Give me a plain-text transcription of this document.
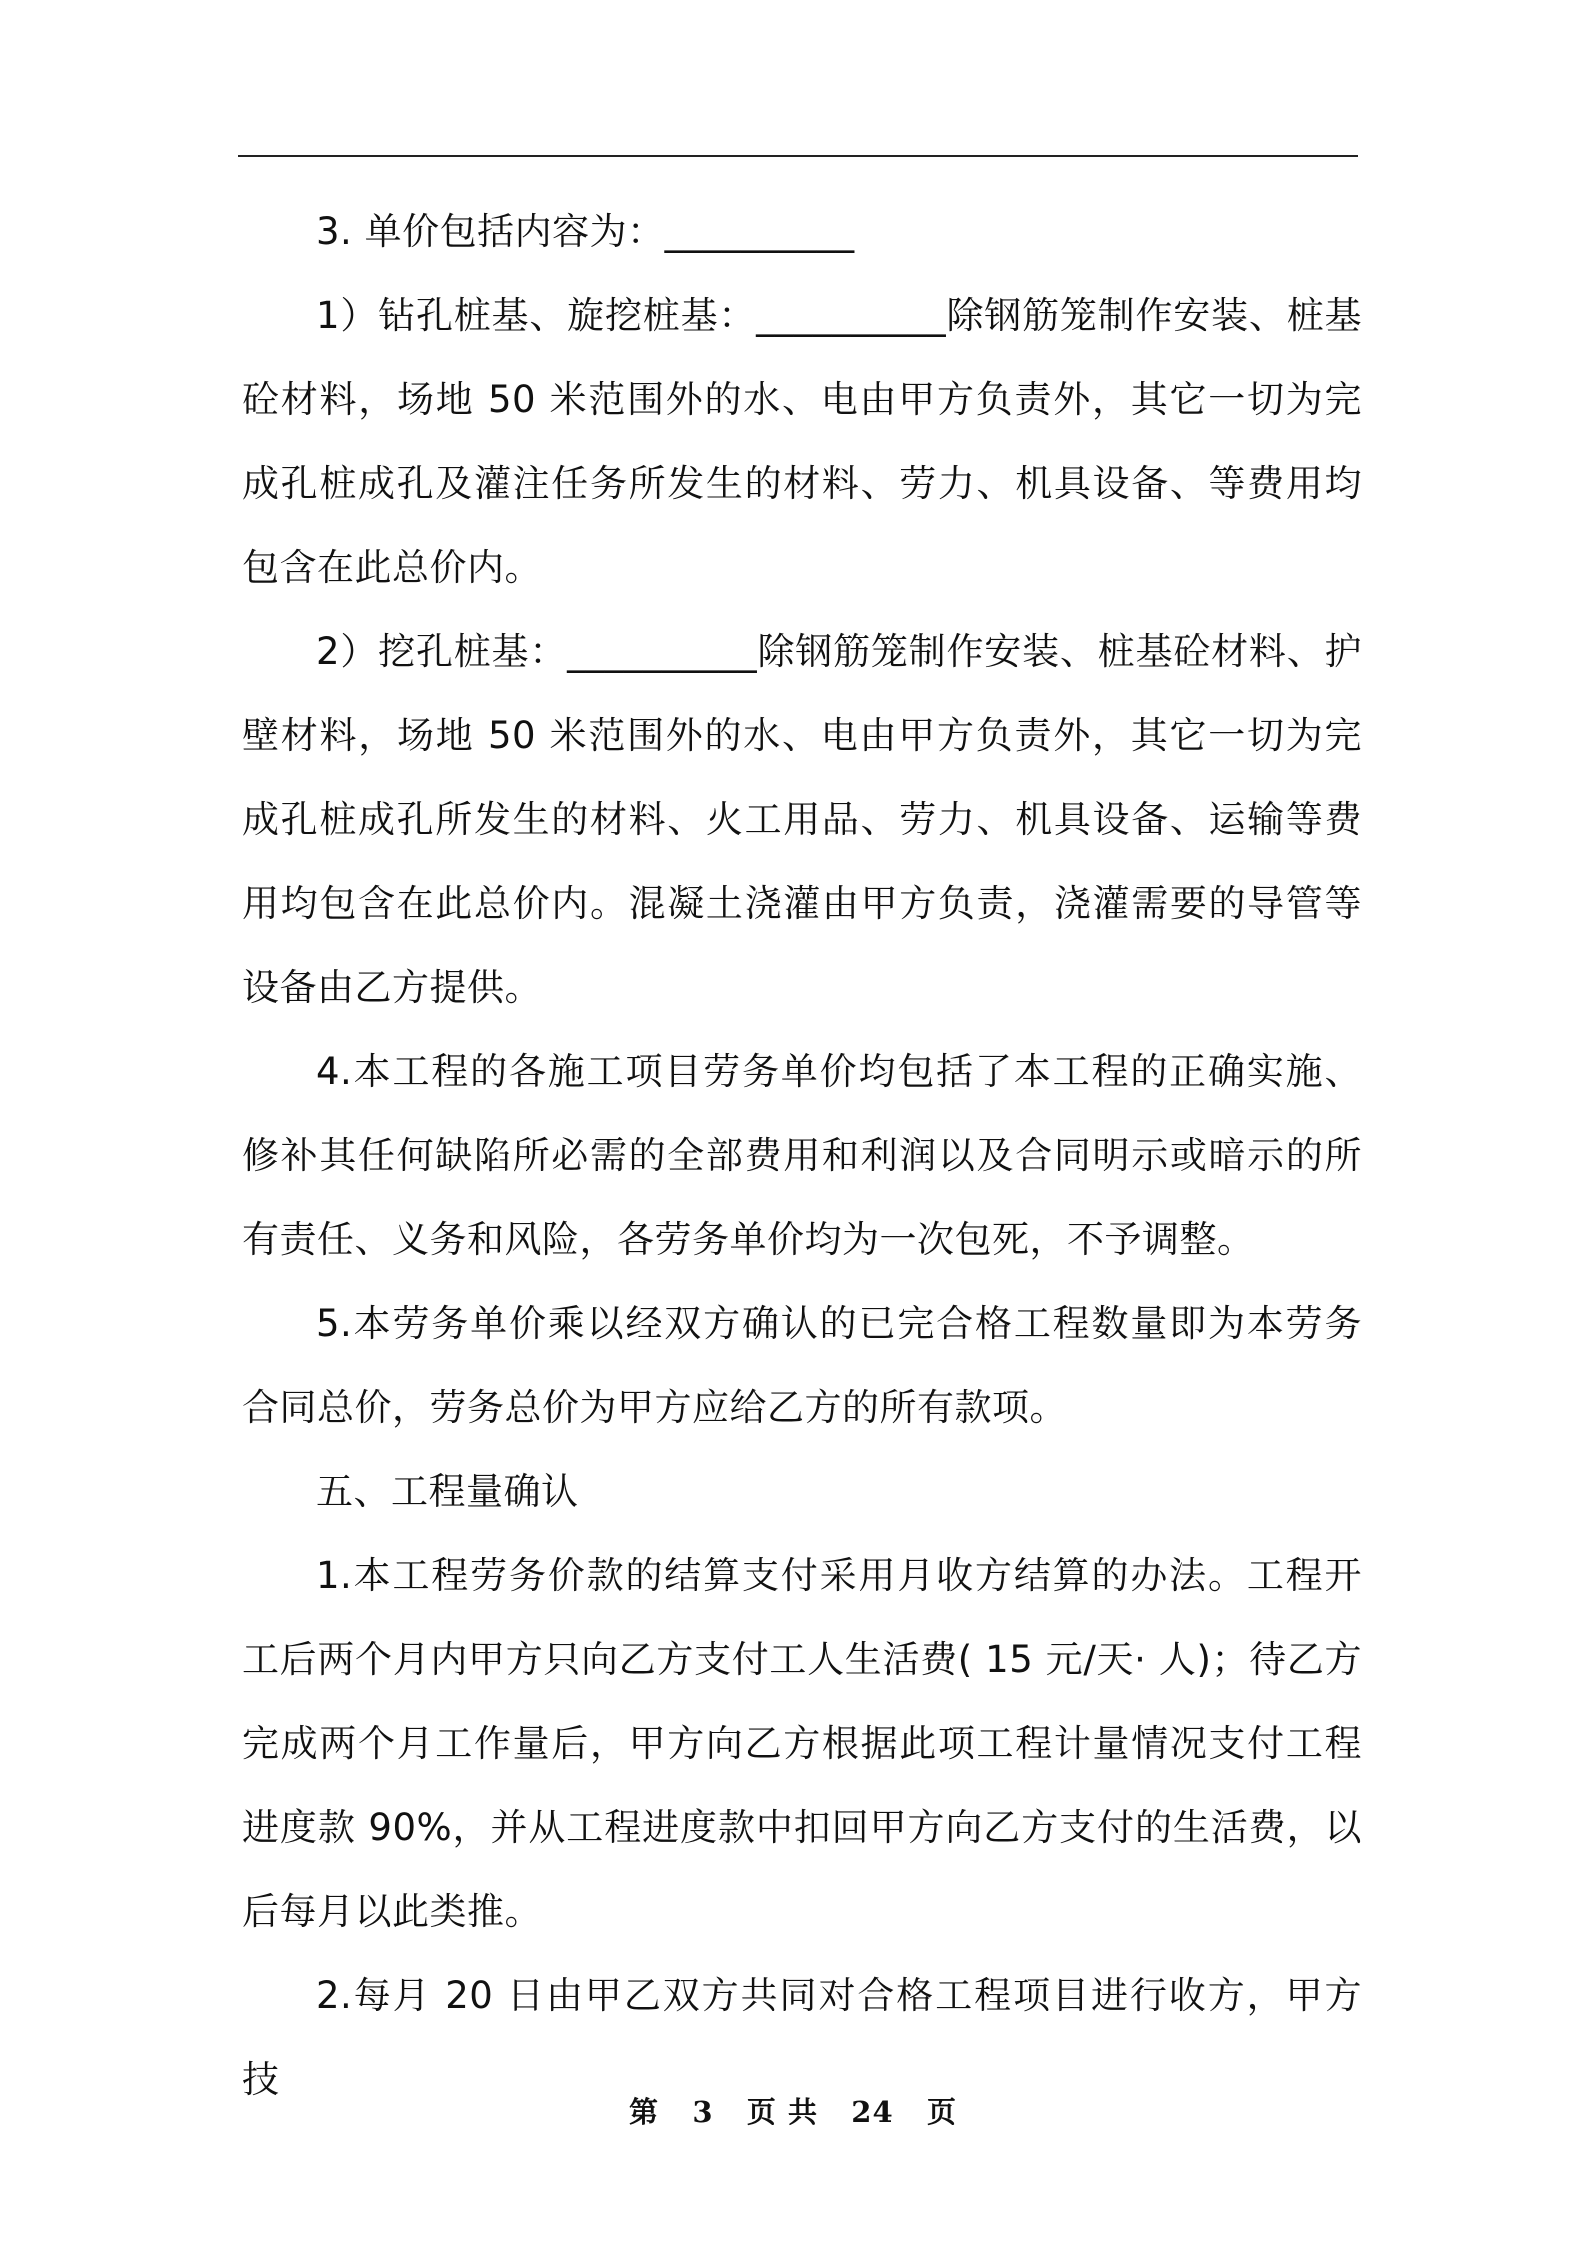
3. 单价包括内容为：__________

1）钻孔桩基、旋挖桩基：__________除钢筋笼制作安装、桩基砼材料，场地 50 米范围外的水、电由甲方负责外，其它一切为完成孔桩成孔及灌注任务所发生的材料、劳力、机具设备、等费用均包含在此总价内。

2）挖孔桩基：__________除钢筋笼制作安装、桩基砼材料、护壁材料，场地 50 米范围外的水、电由甲方负责外，其它一切为完成孔桩成孔所发生的材料、火工用品、劳力、机具设备、运输等费用均包含在此总价内。混凝土浇灌由甲方负责，浇灌需要的导管等设备由乙方提供。

4.本工程的各施工项目劳务单价均包括了本工程的正确实施、修补其任何缺陷所必需的全部费用和利润以及合同明示或暗示的所有责任、义务和风险，各劳务单价均为一次包死，不予调整。

5.本劳务单价乘以经双方确认的已完合格工程数量即为本劳务合同总价，劳务总价为甲方应给乙方的所有款项。

五、工程量确认

1.本工程劳务价款的结算支付采用月收方结算的办法。工程开工后两个月内甲方只向乙方支付工人生活费( 15 元/天· 人)；待乙方完成两个月工作量后，甲方向乙方根据此项工程计量情况支付工程进度款 90%，并从工程进度款中扣回甲方向乙方支付的生活费，以后每月以此类推。

2.每月 20 日由甲乙双方共同对合格工程项目进行收方，甲方技

第 3 页 共 24 页
